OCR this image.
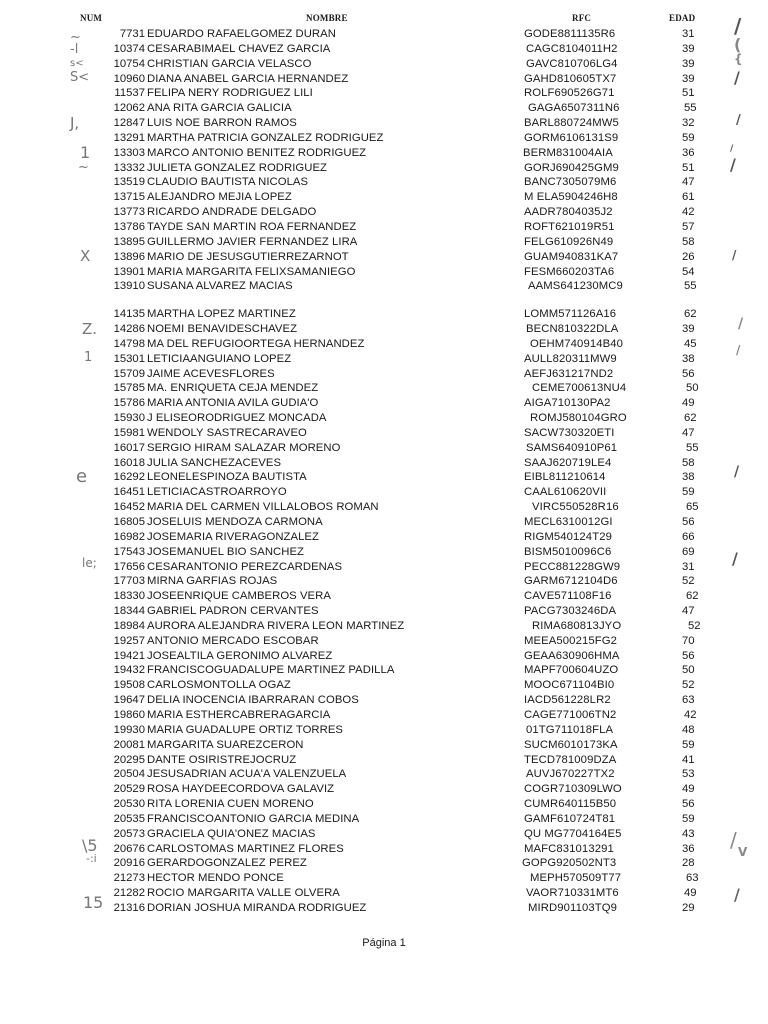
NUM	NOMBRE	RFC	EDAD
7731 EDUARDO RAFAELGOMEZ DURAN	GODE8811135R6	31
10374 CESARABIMAEL CHAVEZ GARCIA	CAGC8104011H2	39
10754 CHRISTIAN GARCIA VELASCO	GAVC810706LG4	39
10960 DIANA ANABEL GARCIA HERNANDEZ	GAHD810605TX7	39
11537 FELIPA NERY RODRIGUEZ LILI	ROLF690526G71	51
12062 ANA RITA GARCIA GALICIA	GAGA6507311N6	55
12847 LUIS NOE BARRON RAMOS	BARL880724MW5	32
13291 MARTHA PATRICIA GONZALEZ RODRIGUEZ	GORM6106131S9	59
13303 MARCO ANTONIO BENITEZ RODRIGUEZ	BERM831004AIA	36
13332 JULIETA GONZALEZ RODRIGUEZ	GORJ690425GM9	51
13519 CLAUDIO BAUTISTA NICOLAS	BANC7305079M6	47
13715 ALEJANDRO MEJIA LOPEZ	M ELA5904246H8	61
13773 RICARDO ANDRADE DELGADO	AADR7804035J2	42
13786 TAYDE SAN MARTIN ROA FERNANDEZ	ROFT621019R51	57
13895 GUILLERMO JAVIER FERNANDEZ LIRA	FELG610926N49	58
13896 MARIO DE JESUSGUTIERREZARNOT	GUAM940831KA7	26
13901 MARIA MARGARITA FELIXSAMANIEGO	FESM660203TA6	54
13910 SUSANA ALVAREZ MACIAS	AAMS641230MC9	55
14135 MARTHA LOPEZ MARTINEZ	LOMM571126A16	62
14286 NOEMI BENAVIDESCHAVEZ	BECN810322DLA	39
14798 MA DEL REFUGIOORTEGA HERNANDEZ	OEHM740914B40	45
15301 LETICIAANGUIANO LOPEZ	AULL820311MW9	38
15709 JAIME ACEVESFLORES	AEFJ631217ND2	56
15785 MA. ENRIQUETA CEJA MENDEZ	CEME700613NU4	50
15786 MARIA ANTONIA AVILA GUDIA'O	AIGA710130PA2	49
15930 J ELISEORODRIGUEZ MONCADA	ROMJ580104GRO	62
15981 WENDOLY SASTRECARAVEO	SACW730320ETI	47
16017 SERGIO HIRAM SALAZAR MORENO	SAMS640910P61	55
16018 JULIA SANCHEZACEVES	SAAJ620719LE4	58
16292 LEONELESPINOZA BAUTISTA	EIBL811210614	38
16451 LETICIACASTROARROYO	CAAL610620VII	59
16452 MARIA DEL CARMEN VILLALOBOS ROMAN	VIRC550528R16	65
16805 JOSELUIS MENDOZA CARMONA	MECL6310012GI	56
16982 JOSEMARIA RIVERAGONZALEZ	RIGM540124T29	66
17543 JOSEMANUEL BIO SANCHEZ	BISM5010096C6	69
17656 CESARANTONIO PEREZCARDENAS	PECC881228GW9	31
17703 MIRNA GARFIAS ROJAS	GARM6712104D6	52
18330 JOSEENRIQUE CAMBEROS VERA	CAVE571108F16	62
18344 GABRIEL PADRON CERVANTES	PACG7303246DA	47
18984 AURORA ALEJANDRA RIVERA LEON MARTINEZ	RIMA680813JYO	52
19257 ANTONIO MERCADO ESCOBAR	MEEA500215FG2	70
19421 JOSEALTILA GERONIMO ALVAREZ	GEAA630906HMA	56
19432 FRANCISCOGUADALUPE MARTINEZ PADILLA	MAPF700604UZO	50
19508 CARLOSMONTOLLA OGAZ	MOOC671104BI0	52
19647 DELIA INOCENCIA IBARRARAN COBOS	IACD561228LR2	63
19860 MARIA ESTHERCABRERAGARCIA	CAGE771006TN2	42
19930 MARIA GUADALUPE ORTIZ TORRES	01TG711018FLA	48
20081 MARGARITA SUAREZCERON	SUCM6010173KA	59
20295 DANTE OSIRISTREJOCRUZ	TECD781009DZA	41
20504 JESUSADRIAN ACUA'A VALENZUELA	AUVJ670227TX2	53
20529 ROSA HAYDEECORDOVA GALAVIZ	COGR710309LWO	49
20530 RITA LORENIA CUEN MORENO	CUMR640115B50	56
20535 FRANCISCOANTONIO GARCIA MEDINA	GAMF610724T81	59
20573 GRACIELA QUIA'ONEZ MACIAS	QU MG7704164E5	43
20676 CARLOSTOMAS MARTINEZ FLORES	MAFC831013291	36
20916 GERARDOGONZALEZ PEREZ	GOPG920502NT3	28
21273 HECTOR MENDO PONCE	MEPH570509T77	63
21282 ROCIO MARGARITA VALLE OLVERA	VAOR710331MT6	49
21316 DORIAN JOSHUA MIRANDA RODRIGUEZ	MIRD901103TQ9	29
~
-l
s<
S<
J,
1
~
X
Z.
1
e
le;
\5
-:i
15
/
(
{
/
/
/
/
/
/
/
/
/
/ V
/
Página 1
